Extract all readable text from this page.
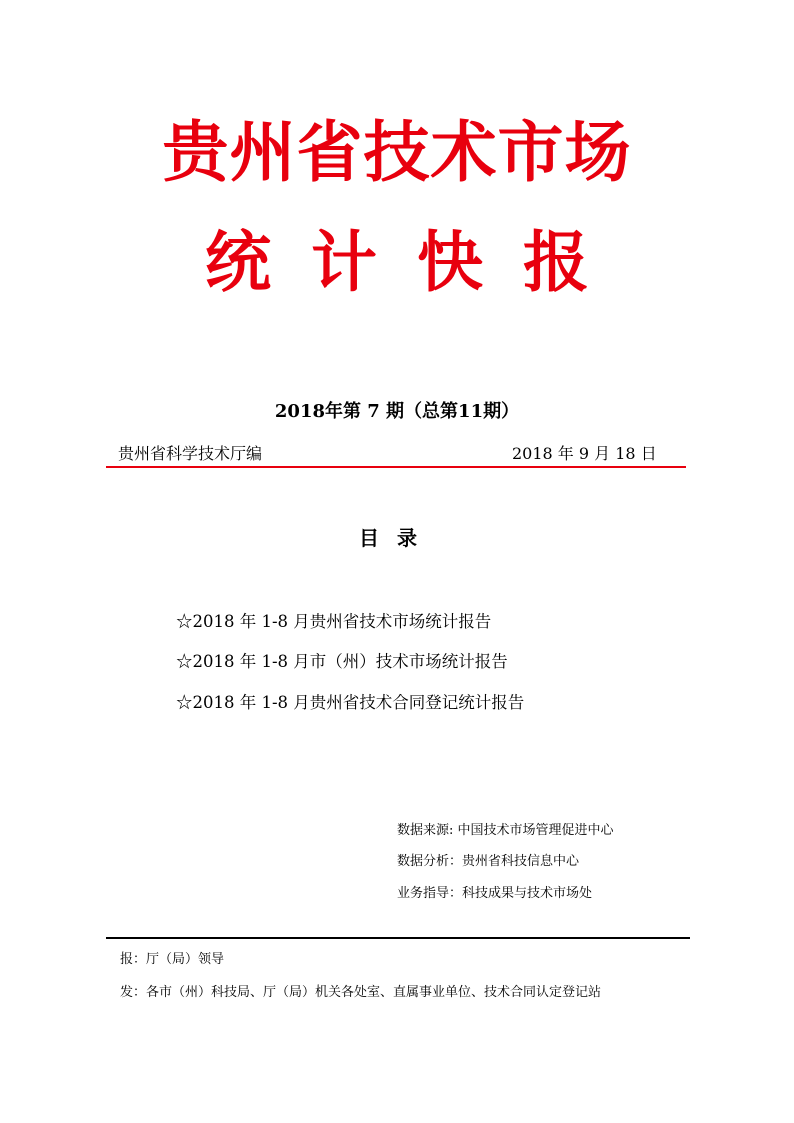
贵州省技术市场
统 计 快 报
2018年第 7 期（总第11期）
贵州省科学技术厅编	2018 年 9 月 18 日
目录
☆2018 年 1-8 月贵州省技术市场统计报告
☆2018 年 1-8 月市（州）技术市场统计报告
☆2018 年 1-8 月贵州省技术合同登记统计报告
数据来源: 中国技术市场管理促进中心
数据分析：贵州省科技信息中心
业务指导：科技成果与技术市场处
报：厅（局）领导
发：各市（州）科技局、厅（局）机关各处室、直属事业单位、技术合同认定登记站
